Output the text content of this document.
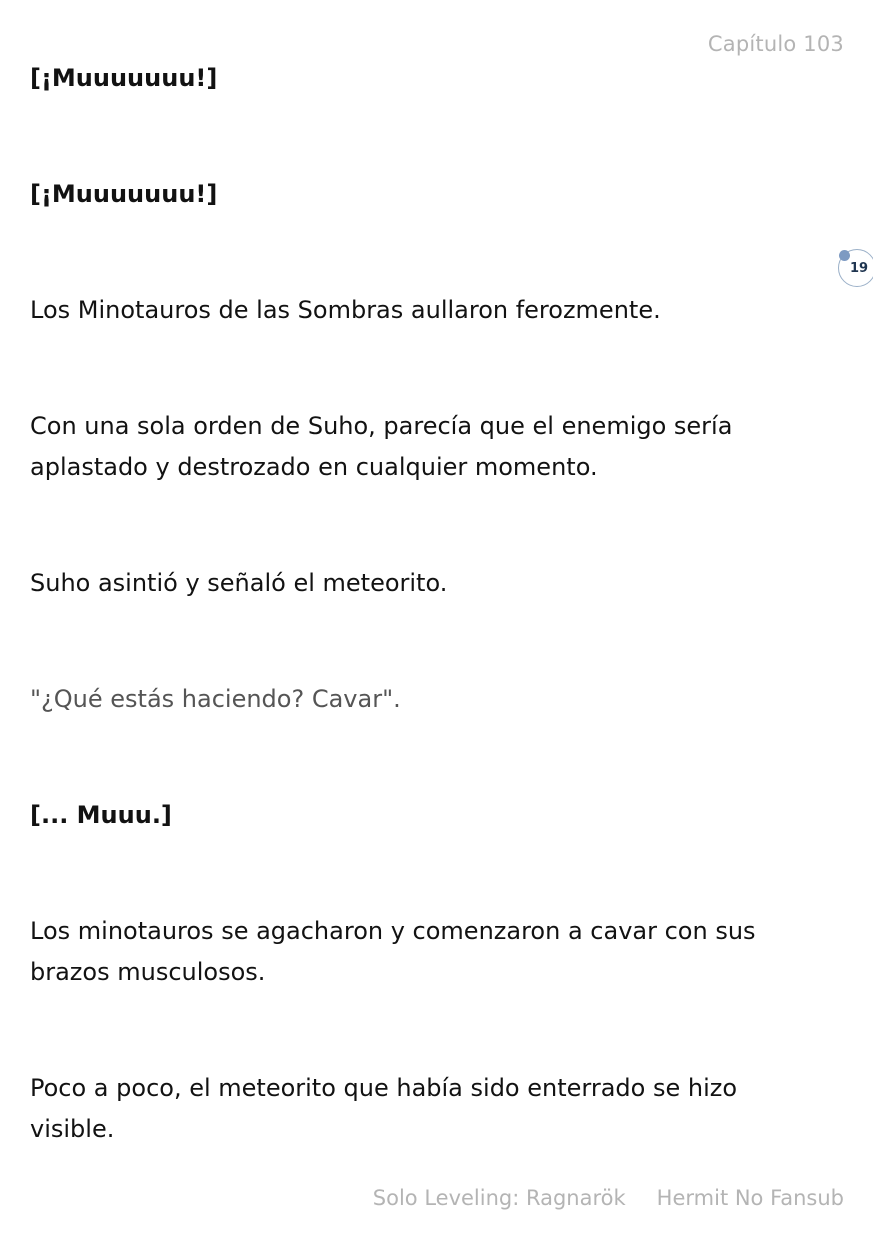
Capítulo 103
19

[¡Muuuuuuu!]

[¡Muuuuuuu!]

Los Minotauros de las Sombras aullaron ferozmente.

Con una sola orden de Suho, parecía que el enemigo sería aplastado y destrozado en cualquier momento.

Suho asintió y señaló el meteorito.

"¿Qué estás haciendo? Cavar".

[... Muuu.]

Los minotauros se agacharon y comenzaron a cavar con sus brazos musculosos.

Poco a poco, el meteorito que había sido enterrado se hizo visible.

Solo Leveling: Ragnarök Hermit No Fansub
